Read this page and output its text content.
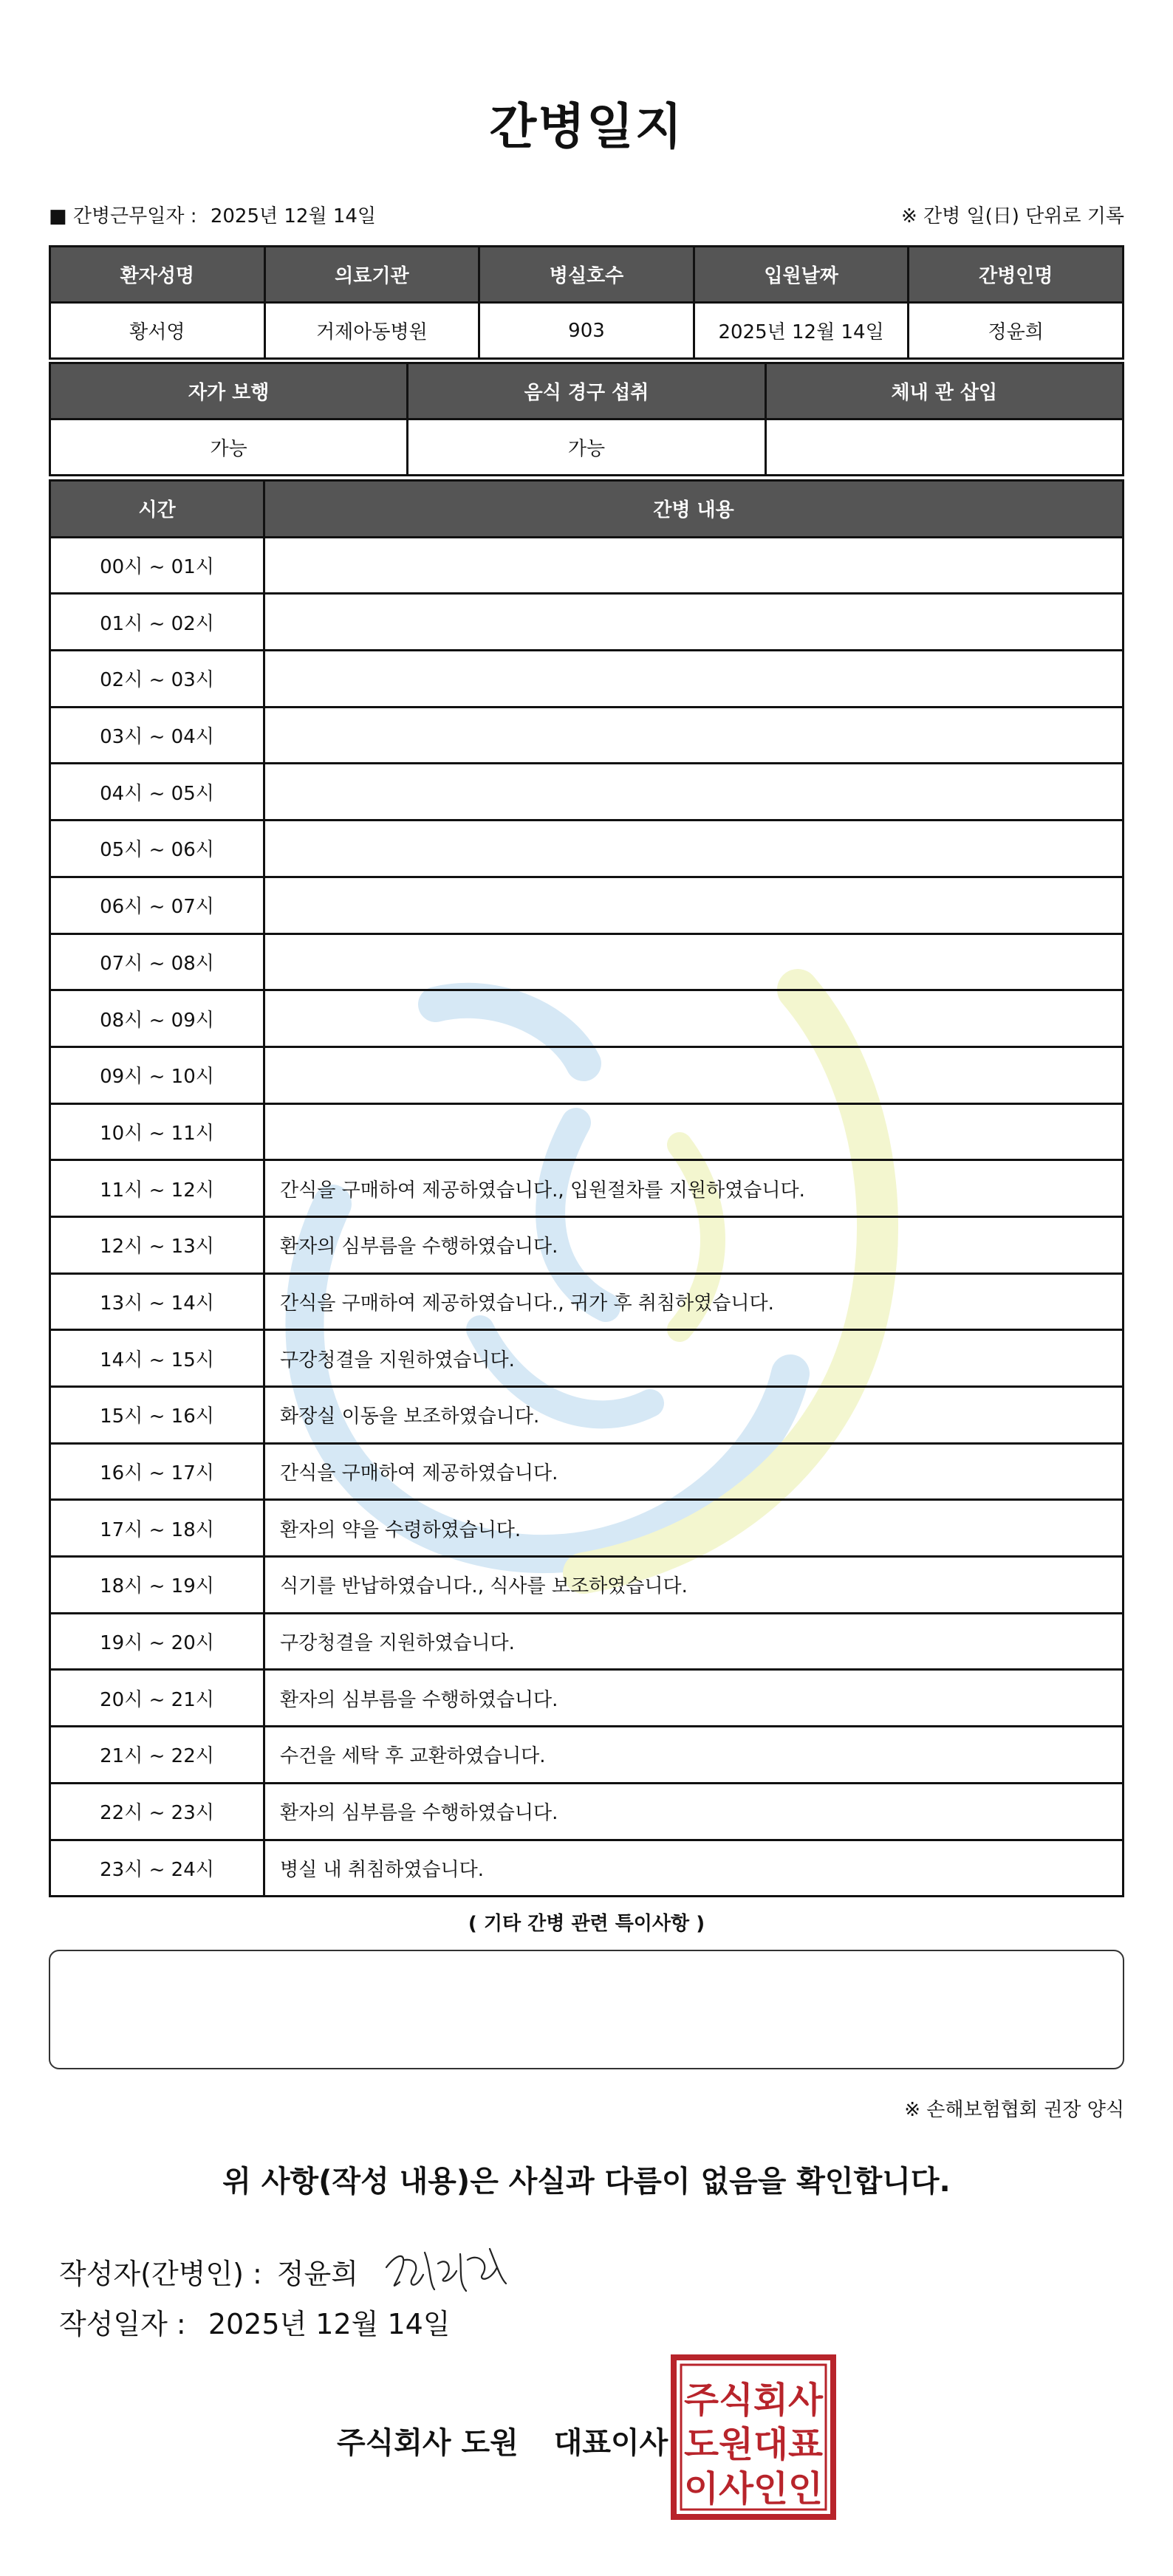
간병일지
■ 간병근무일자 : 2025년 12월 14일	※ 간병 일(日) 단위로 기록
환자성명	의료기관	병실호수	입원날짜	간병인명
황서영	거제아동병원	903	2025년 12월 14일	정윤희
자가 보행	음식 경구 섭취	체내 관 삽입
가능	가능	
시간	간병 내용
00시 ~ 01시	
01시 ~ 02시	
02시 ~ 03시	
03시 ~ 04시	
04시 ~ 05시	
05시 ~ 06시	
06시 ~ 07시	
07시 ~ 08시	
08시 ~ 09시	
09시 ~ 10시	
10시 ~ 11시	
11시 ~ 12시	간식을 구매하여 제공하였습니다., 입원절차를 지원하였습니다.
12시 ~ 13시	환자의 심부름을 수행하였습니다.
13시 ~ 14시	간식을 구매하여 제공하였습니다., 귀가 후 취침하였습니다.
14시 ~ 15시	구강청결을 지원하였습니다.
15시 ~ 16시	화장실 이동을 보조하였습니다.
16시 ~ 17시	간식을 구매하여 제공하였습니다.
17시 ~ 18시	환자의 약을 수령하였습니다.
18시 ~ 19시	식기를 반납하였습니다., 식사를 보조하였습니다.
19시 ~ 20시	구강청결을 지원하였습니다.
20시 ~ 21시	환자의 심부름을 수행하였습니다.
21시 ~ 22시	수건을 세탁 후 교환하였습니다.
22시 ~ 23시	환자의 심부름을 수행하였습니다.
23시 ~ 24시	병실 내 취침하였습니다.
( 기타 간병 관련 특이사항 )
※ 손해보험협회 권장 양식
위 사항(작성 내용)은 사실과 다름이 없음을 확인합니다.
작성자(간병인) : 정윤희
작성일자 : 2025년 12월 14일
주식회사 도원 대표이사
주식회사
도원대표
이사인인
